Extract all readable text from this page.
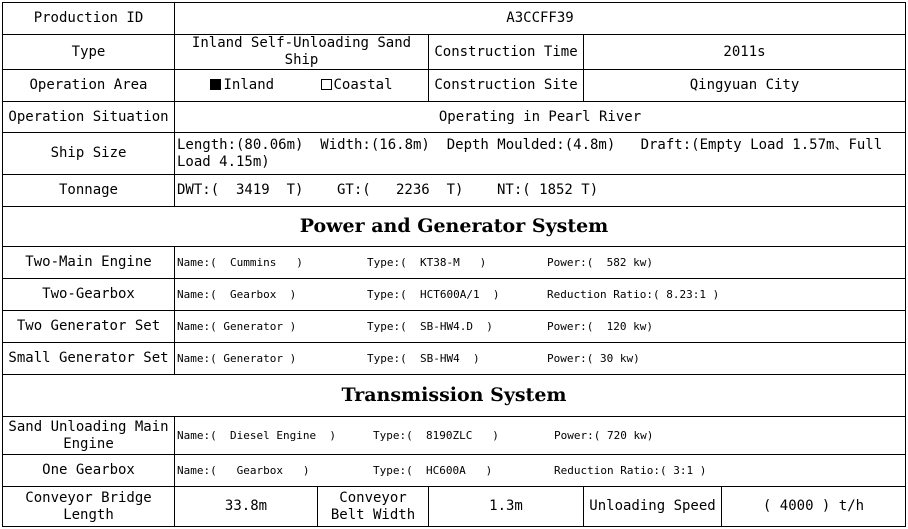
Production ID	A3CCFF39				
Type	Inland Self-Unloading Sand Ship		Construction Time	2011s	
Operation Area	Inland Coastal		Construction Site	Qingyuan City	
Operation Situation	Operating in Pearl River				
Ship Size	Length:(80.06m)  Width:(16.8m)  Depth Moulded:(4.8m)   Draft:(Empty Load 1.57m、Full Load 4.15m)				
Tonnage	DWT:(  3419  T) GT:(   2236  T) NT:( 1852 T)				
Power and Generator System					
Two-Main Engine	Name:(  Cummins   ) Type:(  KT38-M   ) Power:(  582 kw)				

Two-Gearbox	Name:(  Gearbox  ) Type:(  HCT600A/1  ) Reduction Ratio:( 8.23:1 )				

Two Generator Set	Name:( Generator ) Type:(  SB-HW4.D  ) Power:(  120 kw)				

Small Generator Set	Name:( Generator ) Type:(  SB-HW4  ) Power:( 30 kw)				

Transmission System					
Sand Unloading Main Engine	Name:(  Diesel Engine  ) Type:(  8190ZLC   ) Power:( 720 kw)				

One Gearbox	Name:(   Gearbox   ) Type:(  HC600A   ) Reduction Ratio:( 3:1 )				

Conveyor Bridge Length	33.8m	Conveyor Belt Width	1.3m	Unloading Speed	( 4000 ) t/h
